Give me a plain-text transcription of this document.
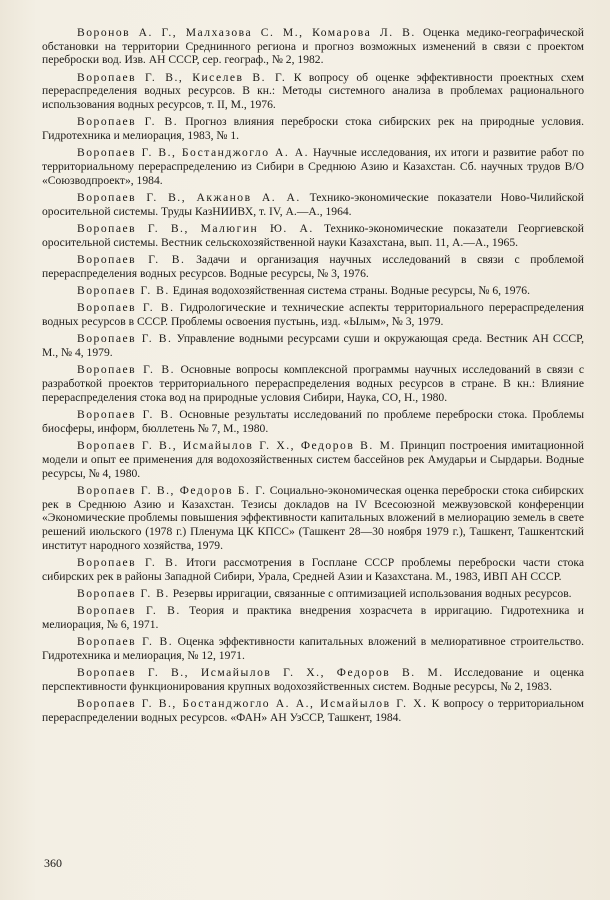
Воронов А. Г., Малхазова С. М., Комарова Л. В. Оценка медико-географической обстановки на территории Среднинного региона и прогноз возможных изменений в связи с проектом переброски вод. Изв. АН СССР, сер. географ., № 2, 1982.

Воропаев Г. В., Киселев В. Г. К вопросу об оценке эффективности проектных схем перераспределения водных ресурсов. В кн.: Методы системного анализа в проблемах рационального использования водных ресурсов, т. II, М., 1976.

Воропаев Г. В. Прогноз влияния переброски стока сибирских рек на природные условия. Гидротехника и мелиорация, 1983, № 1.

Воропаев Г. В., Бостанджогло А. А. Научные исследования, их итоги и развитие работ по территориальному перераспределению из Сибири в Среднюю Азию и Казахстан. Сб. научных трудов В/О «Союзводпроект», 1984.

Воропаев Г. В., Акжанов А. А. Технико-экономические показатели Ново-Чилийской оросительной системы. Труды КазНИИВХ, т. IV, А.—А., 1964.

Воропаев Г. В., Малюгин Ю. А. Технико-экономические показатели Георгиевской оросительной системы. Вестник сельскохозяйственной науки Казахстана, вып. 11, А.—А., 1965.

Воропаев Г. В. Задачи и организация научных исследований в связи с проблемой перераспределения водных ресурсов. Водные ресурсы, № 3, 1976.

Воропаев Г. В. Единая водохозяйственная система страны. Водные ресурсы, № 6, 1976.

Воропаев Г. В. Гидрологические и технические аспекты территориального перераспределения водных ресурсов в СССР. Проблемы освоения пустынь, изд. «Ылым», № 3, 1979.

Воропаев Г. В. Управление водными ресурсами суши и окружающая среда. Вестник АН СССР, М., № 4, 1979.

Воропаев Г. В. Основные вопросы комплексной программы научных исследований в связи с разработкой проектов территориального перераспределения водных ресурсов в стране. В кн.: Влияние перераспределения стока вод на природные условия Сибири, Наука, СО, Н., 1980.

Воропаев Г. В. Основные результаты исследований по проблеме переброски стока. Проблемы биосферы, информ, бюллетень № 7, М., 1980.

Воропаев Г. В., Исмайылов Г. Х., Федоров В. М. Принцип построения имитационной модели и опыт ее применения для водохозяйственных систем бассейнов рек Амударьи и Сырдарьи. Водные ресурсы, № 4, 1980.

Воропаев Г. В., Федоров Б. Г. Социально-экономическая оценка переброски стока сибирских рек в Среднюю Азию и Казахстан. Тезисы докладов на IV Всесоюзной межвузовской конференции «Экономические проблемы повышения эффективности капитальных вложений в мелиорацию земель в свете решений июльского (1978 г.) Пленума ЦК КПСС» (Ташкент 28—30 ноября 1979 г.), Ташкент, Ташкентский институт народного хозяйства, 1979.

Воропаев Г. В. Итоги рассмотрения в Госплане СССР проблемы переброски части стока сибирских рек в районы Западной Сибири, Урала, Средней Азии и Казахстана. М., 1983, ИВП АН СССР.

Воропаев Г. В. Резервы ирригации, связанные с оптимизацией использования водных ресурсов.

Воропаев Г. В. Теория и практика внедрения хозрасчета в ирригацию. Гидротехника и мелиорация, № 6, 1971.

Воропаев Г. В. Оценка эффективности капитальных вложений в мелиоративное строительство. Гидротехника и мелиорация, № 12, 1971.

Воропаев Г. В., Исмайылов Г. Х., Федоров В. М. Исследование и оценка перспективности функционирования крупных водохозяйственных систем. Водные ресурсы, № 2, 1983.

Воропаев Г. В., Бостанджогло А. А., Исмайылов Г. Х. К вопросу о территориальном перераспределении водных ресурсов. «ФАН» АН УзССР, Ташкент, 1984.

360
